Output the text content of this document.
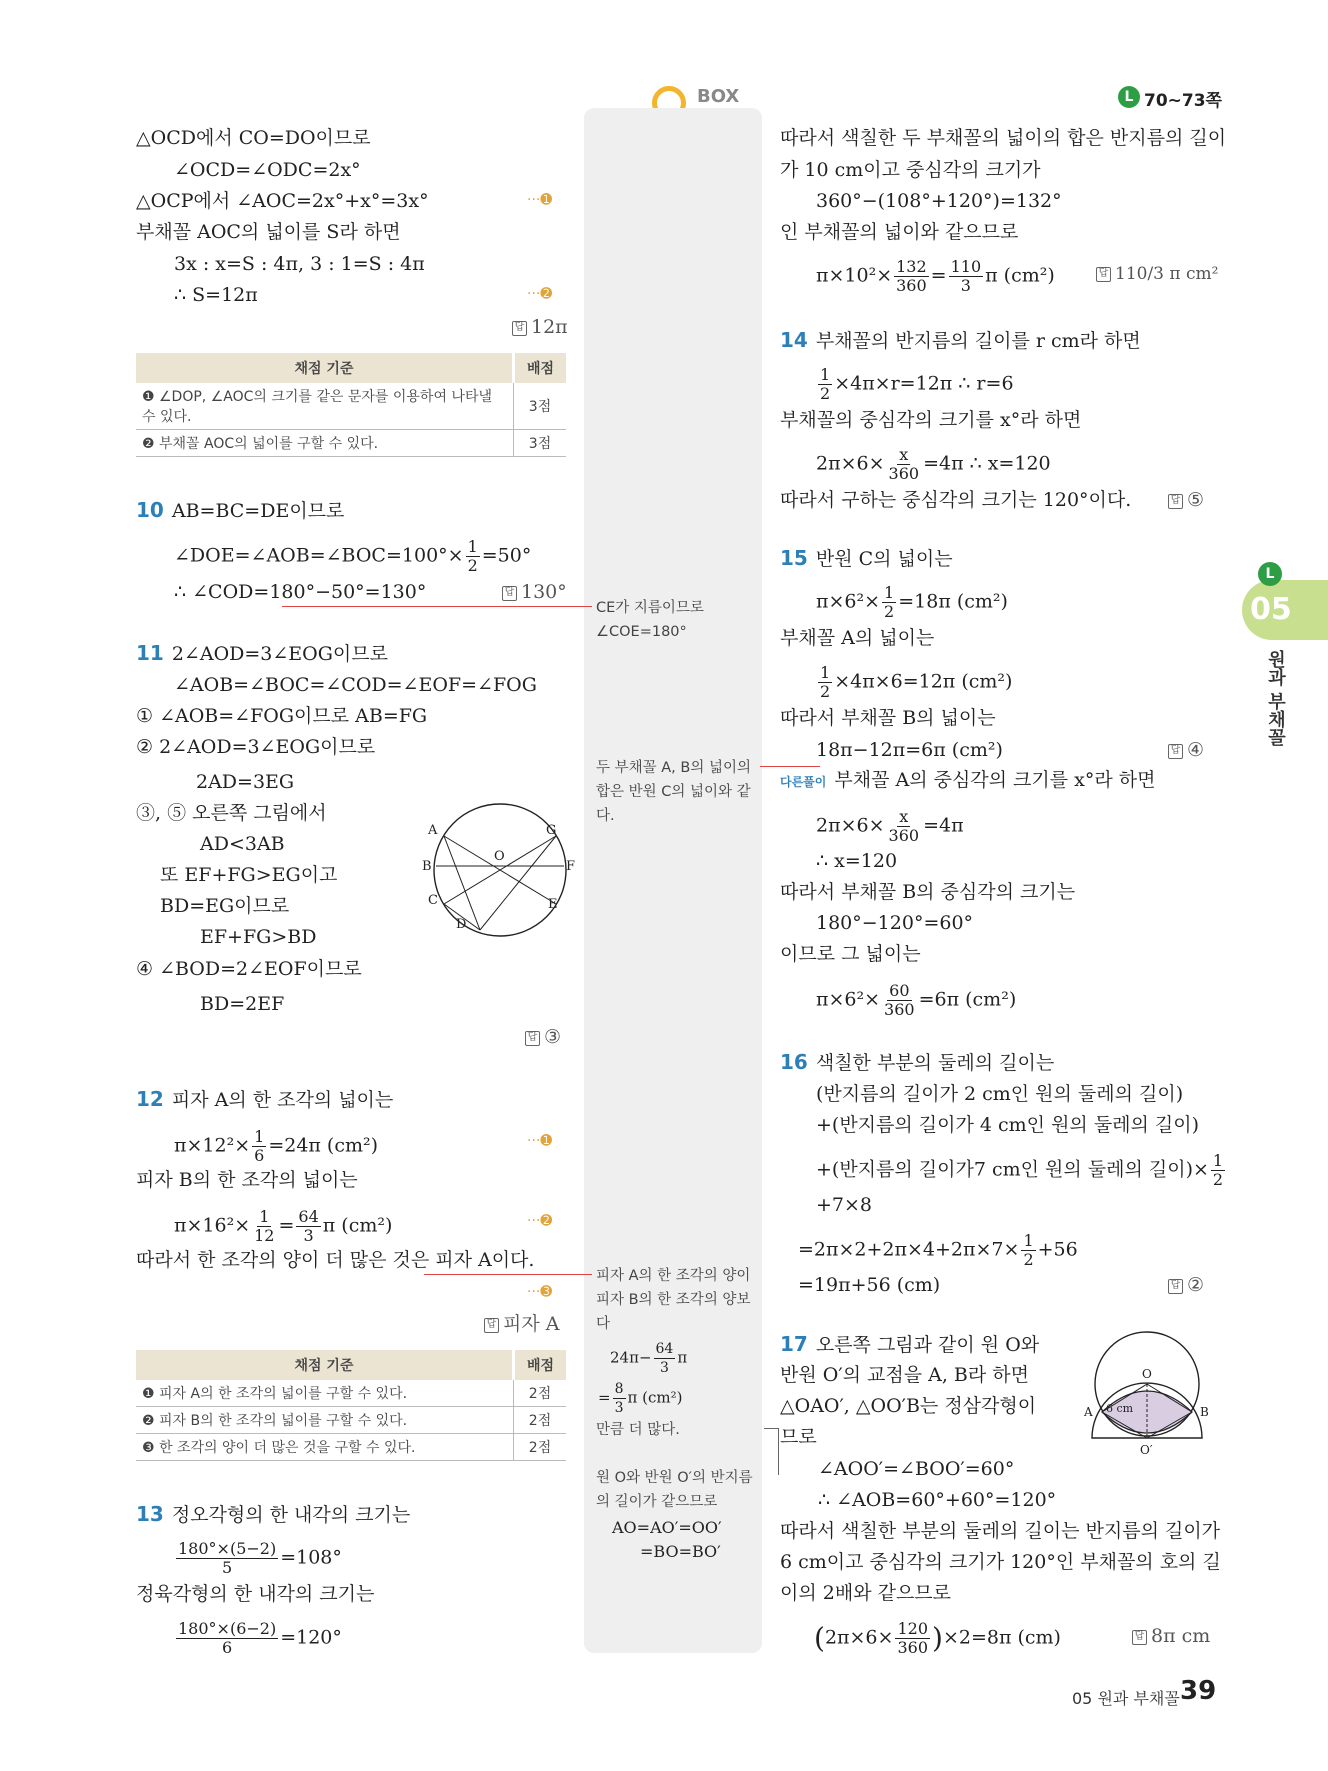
BOX	L 70~73쪽
L
05
원과 부채꼴
△OCD에서 CO=DO이므로
∠OCD=∠ODC=2x°
△OCP에서 ∠AOC=2x°+x°=3x°	···➊
부채꼴 AOC의 넓이를 S라 하면
3x : x=S : 4π, 3 : 1=S : 4π
∴ S=12π	···➋
답 12π
채점 기준	배점
❶ ∠DOP, ∠AOC의 크기를 같은 문자를 이용하여 나타낼 수 있다.	3점
❷ 부채꼴 AOC의 넓이를 구할 수 있다.	3점
10 AB=BC=DE이므로
∠DOE=∠AOB=∠BOC=100°× $\frac{1}{2} =50^\circ$
∴ ∠COD=180°−50°=130°	답 130°
11 2∠AOD=3∠EOG이므로
∠AOB=∠BOC=∠COD=∠EOF=∠FOG
① ∠AOB=∠FOG이므로 AB=FG
② 2∠AOD=3∠EOG이므로
2AD=3EG
③, ⑤ 오른쪽 그림에서
AD<3AB
또 EF+FG>EG이고
BD=EG이므로
EF+FG>BD
④ ∠BOD=2∠EOF이므로
BD=2EF
답 ③
A
B
C
D
E
F
G
O
12 피자 A의 한 조각의 넓이는
$\pi\times 12^2\times \frac{1}{6} =24\pi$ (cm²)	···➊
피자 B의 한 조각의 넓이는
$\pi\times 16^2\times \frac{1}{12} = \frac{64}{3}$ π (cm²)	···➋
따라서 한 조각의 양이 더 많은 것은 피자 A이다.
···➌
답 피자 A
채점 기준	배점
❶ 피자 A의 한 조각의 넓이를 구할 수 있다.	2점
❷ 피자 B의 한 조각의 넓이를 구할 수 있다.	2점
❸ 한 조각의 양이 더 많은 것을 구할 수 있다.	2점
13 정오각형의 한 내각의 크기는
$\frac{180^\circ\times(5-2)}{5} =108^\circ$
정육각형의 한 내각의 크기는
$\frac{180^\circ\times(6-2)}{6} =120^\circ$
CE가 지름이므로
∠COE=180°
두 부채꼴 A, B의 넓이의 합은 반원 C의 넓이와 같다.
피자 A의 한 조각의 양이 피자 B의 한 조각의 양보다
$24\pi- \frac{64}{3}$ π
= $\frac{8}{3}$ π (cm²)
만큼 더 많다.
원 O와 반원 O′의 반지름의 길이가 같으므로
AO=AO′=OO′
=BO=BO′
따라서 색칠한 두 부채꼴의 넓이의 합은 반지름의 길이
가 10 cm이고 중심각의 크기가
360°−(108°+120°)=132°
인 부채꼴의 넓이와 같으므로
$\pi\times 10^2\times \frac{132}{360} = \frac{110}{3}$ π (cm²)	답 110/3 π cm²
14 부채꼴의 반지름의 길이를 r cm라 하면
$\frac{1}{2} \times 4\pi\times r=12\pi$ ∴ r=6
부채꼴의 중심각의 크기를 x°라 하면
$2\pi\times 6\times \frac{x}{360} =4\pi$ ∴ x=120
따라서 구하는 중심각의 크기는 120°이다.	답 ⑤
15 반원 C의 넓이는
$\pi\times 6^2\times \frac{1}{2} =18\pi$ (cm²)
부채꼴 A의 넓이는
$\frac{1}{2} \times 4\pi\times 6=12\pi$ (cm²)
따라서 부채꼴 B의 넓이는
18π−12π=6π (cm²)	답 ④
다른풀이 부채꼴 A의 중심각의 크기를 x°라 하면
$2\pi\times 6\times \frac{x}{360} =4\pi$
∴ x=120
따라서 부채꼴 B의 중심각의 크기는
180°−120°=60°
이므로 그 넓이는
$\pi\times 6^2\times \frac{60}{360} =6\pi$ (cm²)
16 색칠한 부분의 둘레의 길이는
(반지름의 길이가 2 cm인 원의 둘레의 길이)
+(반지름의 길이가 4 cm인 원의 둘레의 길이)
+(반지름의 길이가7 cm인 원의 둘레의 길이)× $\frac{1}{2}$
+7×8
$=2\pi\times 2+2\pi\times 4+2\pi\times 7\times \frac{1}{2} +56$
=19π+56 (cm)	답 ②
17 오른쪽 그림과 같이 원 O와
반원 O′의 교점을 A, B라 하면
△OAO′, △OO′B는 정삼각형이
므로
∠AOO′=∠BOO′=60°
∴ ∠AOB=60°+60°=120°
따라서 색칠한 부분의 둘레의 길이는 반지름의 길이가
6 cm이고 중심각의 크기가 120°인 부채꼴의 호의 길
이의 2배와 같으므로
$(2\pi\times 6\times \frac{120}{360} )\times 2=8\pi$ (cm)	답 8π cm
O
A	B
O′
6 cm
05 원과 부채꼴 39
